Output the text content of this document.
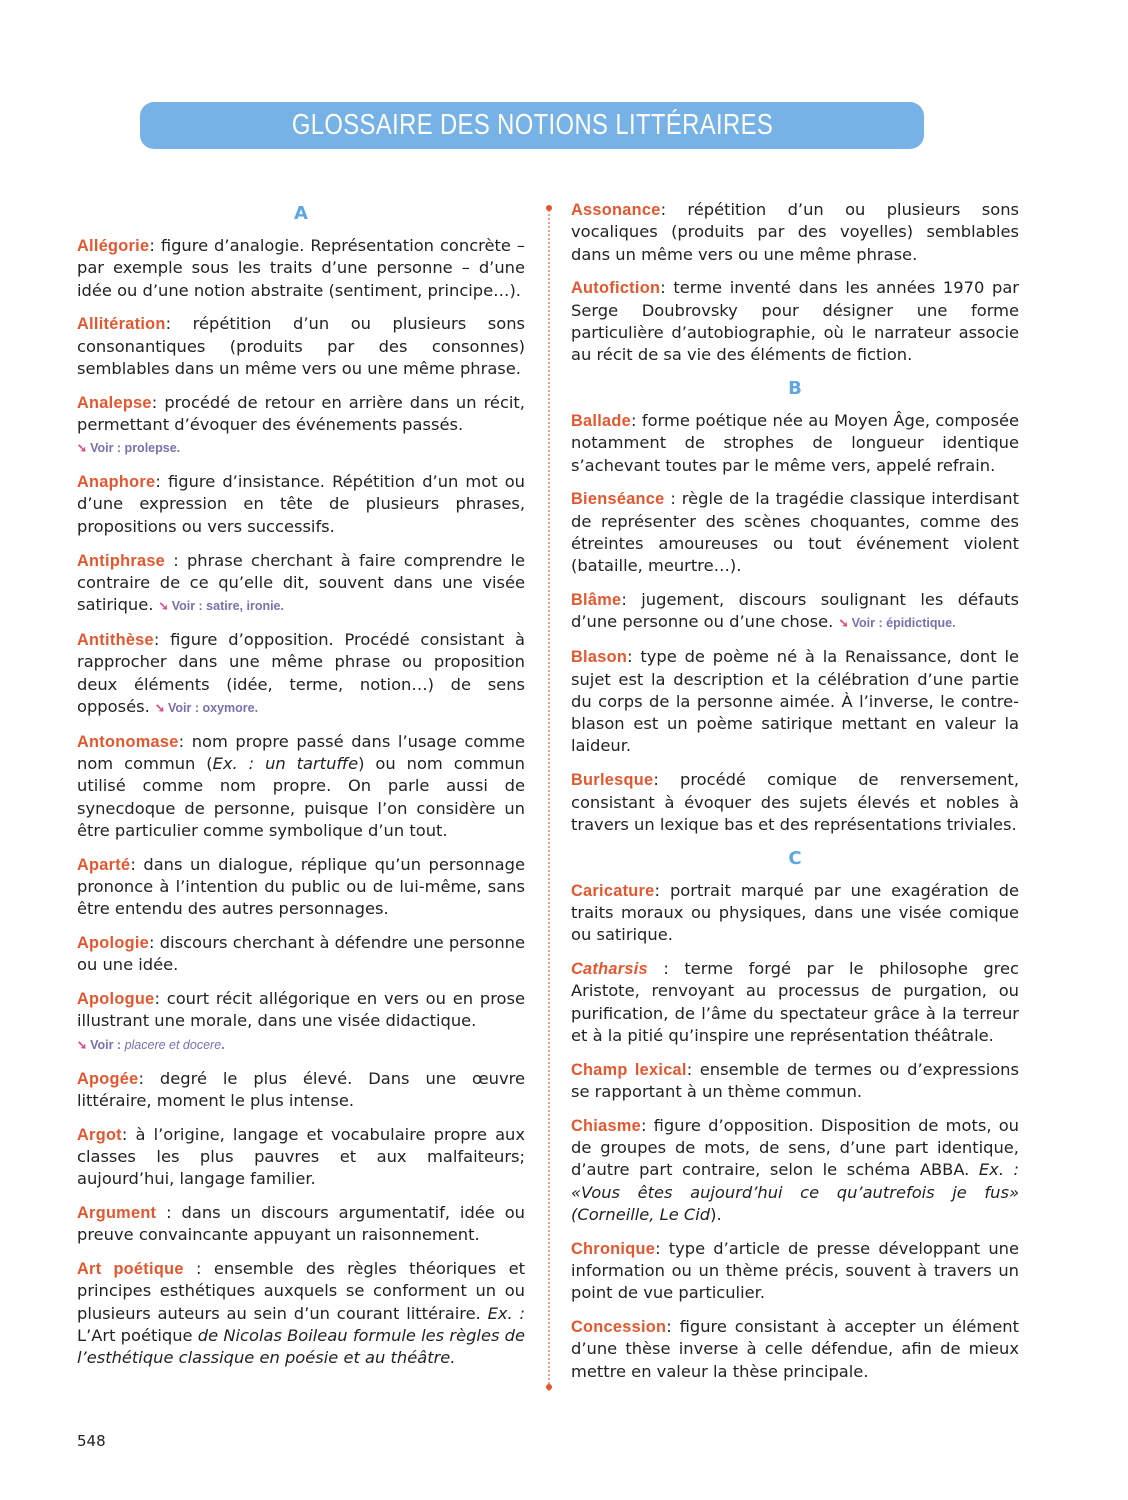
GLOSSAIRE DES NOTIONS LITTÉRAIRES
A

Allégorie: figure d’analogie. Représentation concrète – par exemple sous les traits d’une personne – d’une idée ou d’une notion abstraite (sentiment, principe…).

Allitération: répétition d’un ou plusieurs sons consonantiques (produits par des consonnes) semblables dans un même vers ou une même phrase.

Analepse: procédé de retour en arrière dans un récit, permettant d’évoquer des événements passés.
➘ Voir : prolepse.

Anaphore: figure d’insistance. Répétition d’un mot ou d’une expression en tête de plusieurs phrases, propositions ou vers successifs.

Antiphrase : phrase cherchant à faire comprendre le contraire de ce qu’elle dit, souvent dans une visée satirique. ➘ Voir : satire, ironie.

Antithèse: figure d’opposition. Procédé consistant à rapprocher dans une même phrase ou proposition deux éléments (idée, terme, notion…) de sens opposés. ➘ Voir : oxymore.

Antonomase: nom propre passé dans l’usage comme nom commun (Ex. : un tartuffe) ou nom commun utilisé comme nom propre. On parle aussi de synecdoque de personne, puisque l’on considère un être particulier comme symbolique d’un tout.

Aparté: dans un dialogue, réplique qu’un personnage prononce à l’intention du public ou de lui-même, sans être entendu des autres personnages.

Apologie: discours cherchant à défendre une personne ou une idée.

Apologue: court récit allégorique en vers ou en prose illustrant une morale, dans une visée didactique.
➘ Voir : placere et docere.

Apogée: degré le plus élevé. Dans une œuvre littéraire, moment le plus intense.

Argot: à l’origine, langage et vocabulaire propre aux classes les plus pauvres et aux malfaiteurs; aujourd’hui, langage familier.

Argument : dans un discours argumentatif, idée ou preuve convaincante appuyant un raisonnement.

Art poétique : ensemble des règles théoriques et principes esthétiques auxquels se conforment un ou plusieurs auteurs au sein d’un courant littéraire. Ex. : L’Art poétique de Nicolas Boileau formule les règles de l’esthétique classique en poésie et au théâtre.

Assonance: répétition d’un ou plusieurs sons vocaliques (produits par des voyelles) semblables dans un même vers ou une même phrase.

Autofiction: terme inventé dans les années 1970 par Serge Doubrovsky pour désigner une forme particulière d’autobiographie, où le narrateur associe au récit de sa vie des éléments de fiction.

B

Ballade: forme poétique née au Moyen Âge, composée notamment de strophes de longueur identique s’achevant toutes par le même vers, appelé refrain.

Bienséance : règle de la tragédie classique interdisant de représenter des scènes choquantes, comme des étreintes amoureuses ou tout événement violent (bataille, meurtre…).

Blâme: jugement, discours soulignant les défauts d’une personne ou d’une chose. ➘ Voir : épidictique.

Blason: type de poème né à la Renaissance, dont le sujet est la description et la célébration d’une partie du corps de la personne aimée. À l’inverse, le contre-blason est un poème satirique mettant en valeur la laideur.

Burlesque: procédé comique de renversement, consistant à évoquer des sujets élevés et nobles à travers un lexique bas et des représentations triviales.

C

Caricature: portrait marqué par une exagération de traits moraux ou physiques, dans une visée comique ou satirique.

Catharsis : terme forgé par le philosophe grec Aristote, renvoyant au processus de purgation, ou purification, de l’âme du spectateur grâce à la terreur et à la pitié qu’inspire une représentation théâtrale.

Champ lexical: ensemble de termes ou d’expressions se rapportant à un thème commun.

Chiasme: figure d’opposition. Disposition de mots, ou de groupes de mots, de sens, d’une part identique, d’autre part contraire, selon le schéma ABBA. Ex. : «Vous êtes aujourd’hui ce qu’autrefois je fus» (Corneille, Le Cid).

Chronique: type d’article de presse développant une information ou un thème précis, souvent à travers un point de vue particulier.

Concession: figure consistant à accepter un élément d’une thèse inverse à celle défendue, afin de mieux mettre en valeur la thèse principale.

548
